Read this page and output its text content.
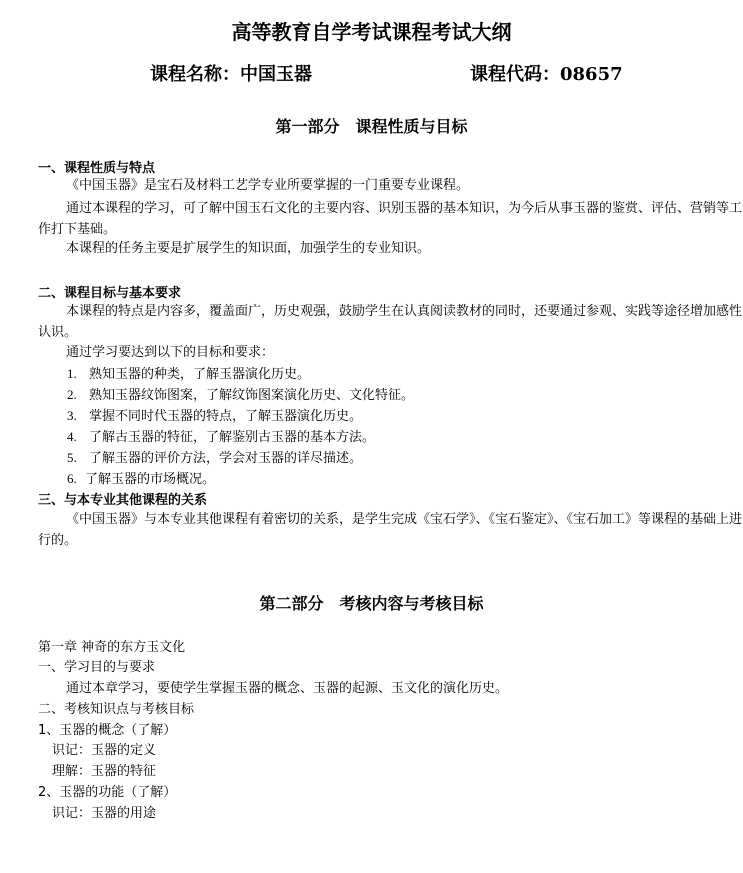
高等教育自学考试课程考试大纲
课程名称：中国玉器	课程代码：08657
第一部分　课程性质与目标
一、课程性质与特点
《中国玉器》是宝石及材料工艺学专业所要掌握的一门重要专业课程。
通过本课程的学习，可了解中国玉石文化的主要内容、识别玉器的基本知识，为今后从事玉器的鉴赏、评估、营销等工作打下基础。
本课程的任务主要是扩展学生的知识面，加强学生的专业知识。
二、课程目标与基本要求
本课程的特点是内容多，覆盖面广，历史观强，鼓励学生在认真阅读教材的同时，还要通过参观、实践等途径增加感性认识。
通过学习要达到以下的目标和要求：
1. 熟知玉器的种类，了解玉器演化历史。
2. 熟知玉器纹饰图案，了解纹饰图案演化历史、文化特征。
3. 掌握不同时代玉器的特点，了解玉器演化历史。
4. 了解古玉器的特征，了解鉴别古玉器的基本方法。
5. 了解玉器的评价方法，学会对玉器的详尽描述。
6. 了解玉器的市场概况。
三、与本专业其他课程的关系
《中国玉器》与本专业其他课程有着密切的关系，是学生完成《宝石学》、《宝石鉴定》、《宝石加工》等课程的基础上进行的。
第二部分　考核内容与考核目标
第一章 神奇的东方玉文化
一、学习目的与要求
通过本章学习，要使学生掌握玉器的概念、玉器的起源、玉文化的演化历史。
二、考核知识点与考核目标
1、玉器的概念（了解）
识记：玉器的定义
理解：玉器的特征
2、玉器的功能（了解）
识记：玉器的用途
